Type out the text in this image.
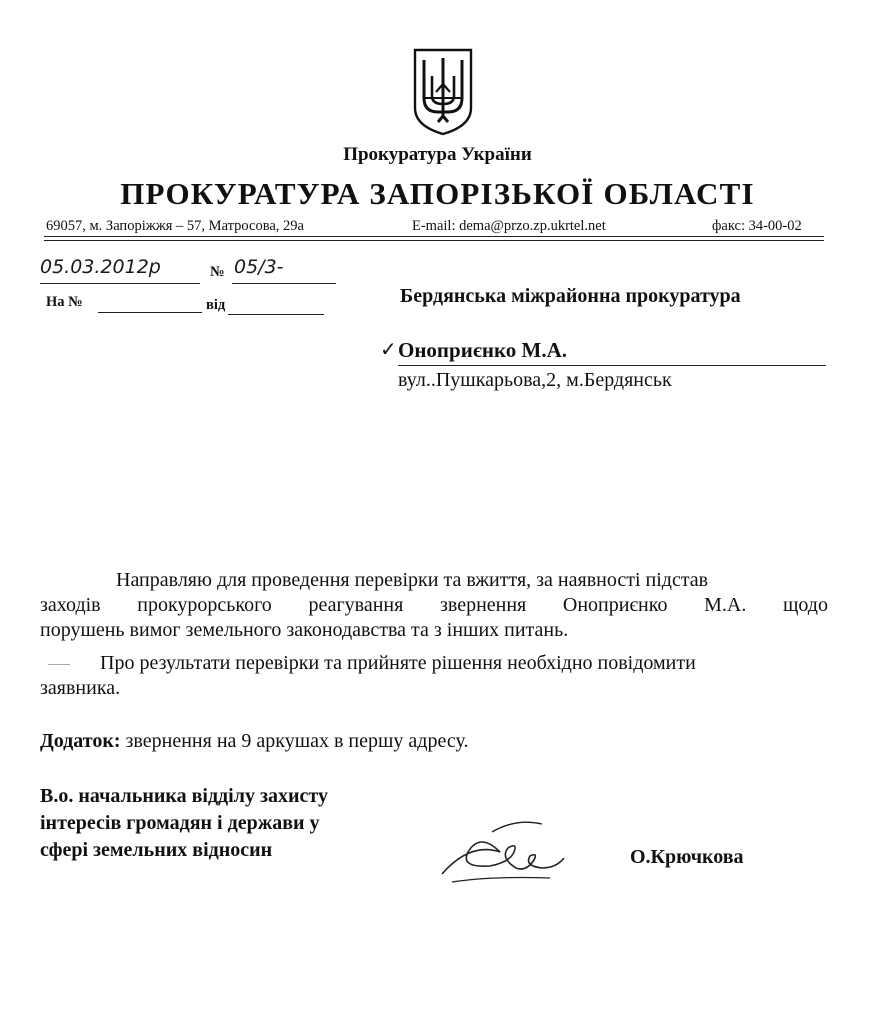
Прокуратура України
ПРОКУРАТУРА ЗАПОРІЗЬКОЇ ОБЛАСТІ
69057, м. Запоріжжя – 57, Матросова, 29а	E-mail: dema@przo.zp.ukrtel.net	факс: 34-00-02
05.03.2012р	№ 05/3-
На №	від	Бердянська міжрайонна прокуратура
✓ Оноприєнко М.А.
вул..Пушкарьова,2, м.Бердянськ
Направляю для проведення перевірки та вжиття, за наявності підстав
заходів прокурорського реагування звернення Оноприєнко М.А. щодо
порушень вимог земельного законодавства та з інших питань.
Про результати перевірки та прийняте рішення необхідно повідомити
заявника.
Додаток: звернення на 9 аркушах в першу адресу.
В.о. начальника відділу захисту
інтересів громадян і держави у
сфері земельних відносин	О.Крючкова
